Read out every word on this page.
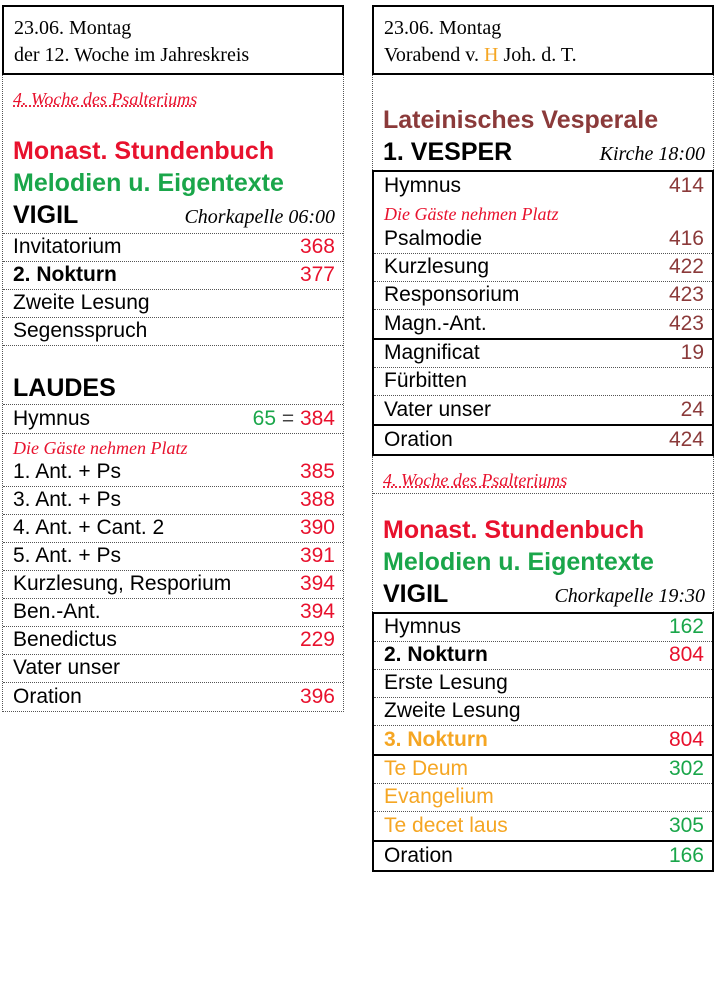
23.06. Montag
der 12. Woche im Jahreskreis
4. Woche des Psalteriums
Monast. Stundenbuch
Melodien u. Eigentexte
VIGIL	Chorkapelle 06:00
Invitatorium	368
2. Nokturn	377
Zweite Lesung
Segensspruch
LAUDES
Hymnus	65 = 384
Die Gäste nehmen Platz
1. Ant. + Ps	385
3. Ant. + Ps	388
4. Ant. + Cant. 2	390
5. Ant. + Ps	391
Kurzlesung, Resporium	394
Ben.-Ant.	394
Benedictus	229
Vater unser
Oration	396
23.06. Montag
Vorabend v. H Joh. d. T.
Lateinisches Vesperale
1. VESPER	Kirche 18:00
Hymnus	414
Die Gäste nehmen Platz
Psalmodie	416
Kurzlesung	422
Responsorium	423
Magn.-Ant.	423
Magnificat	19
Fürbitten
Vater unser	24
Oration	424
4. Woche des Psalteriums
Monast. Stundenbuch
Melodien u. Eigentexte
VIGIL	Chorkapelle 19:30
Hymnus	162
2. Nokturn	804
Erste Lesung
Zweite Lesung
3. Nokturn	804
Te Deum	302
Evangelium
Te decet laus	305
Oration	166
